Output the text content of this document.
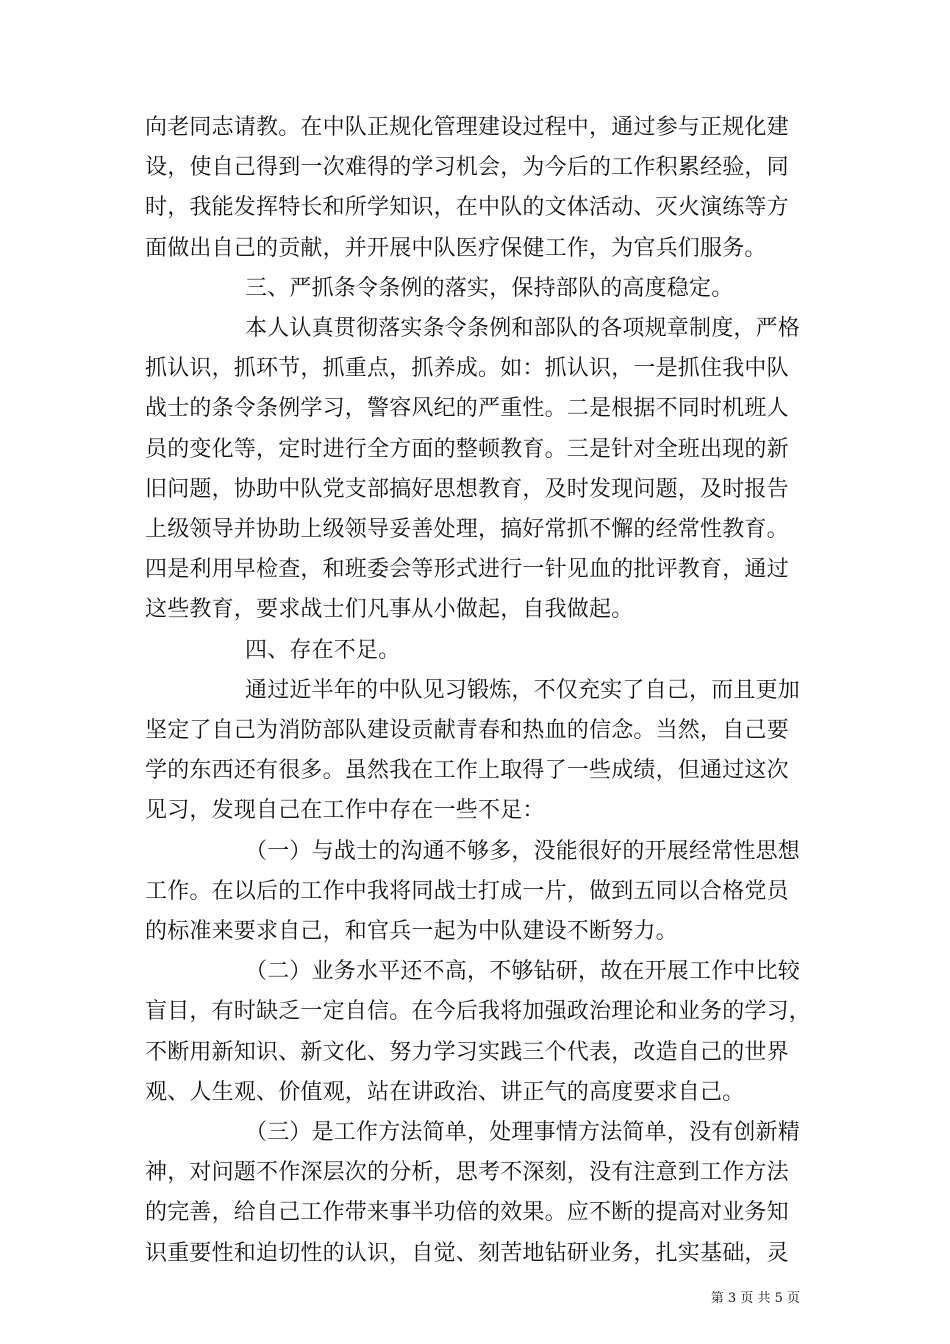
向老同志请教。在中队正规化管理建设过程中，通过参与正规化建
设，使自己得到一次难得的学习机会，为今后的工作积累经验，同
时，我能发挥特长和所学知识，在中队的文体活动、灭火演练等方
面做出自己的贡献，并开展中队医疗保健工作，为官兵们服务。
三、严抓条令条例的落实，保持部队的高度稳定。
本人认真贯彻落实条令条例和部队的各项规章制度，严格
抓认识，抓环节，抓重点，抓养成。如：抓认识，一是抓住我中队
战士的条令条例学习，警容风纪的严重性。二是根据不同时机班人
员的变化等，定时进行全方面的整顿教育。三是针对全班出现的新
旧问题，协助中队党支部搞好思想教育，及时发现问题，及时报告
上级领导并协助上级领导妥善处理，搞好常抓不懈的经常性教育。
四是利用早检查，和班委会等形式进行一针见血的批评教育，通过
这些教育，要求战士们凡事从小做起，自我做起。
四、存在不足。
通过近半年的中队见习锻炼，不仅充实了自己，而且更加
坚定了自己为消防部队建设贡献青春和热血的信念。当然，自己要
学的东西还有很多。虽然我在工作上取得了一些成绩，但通过这次
见习，发现自己在工作中存在一些不足：
（一）与战士的沟通不够多，没能很好的开展经常性思想
工作。在以后的工作中我将同战士打成一片，做到五同以合格党员
的标准来要求自己，和官兵一起为中队建设不断努力。
（二）业务水平还不高，不够钻研，故在开展工作中比较
盲目，有时缺乏一定自信。在今后我将加强政治理论和业务的学习，
不断用新知识、新文化、努力学习实践三个代表，改造自己的世界
观、人生观、价值观，站在讲政治、讲正气的高度要求自己。
（三）是工作方法简单，处理事情方法简单，没有创新精
神，对问题不作深层次的分析，思考不深刻，没有注意到工作方法
的完善，给自己工作带来事半功倍的效果。应不断的提高对业务知
识重要性和迫切性的认识，自觉、刻苦地钻研业务，扎实基础，灵
第 3 页 共 5 页
